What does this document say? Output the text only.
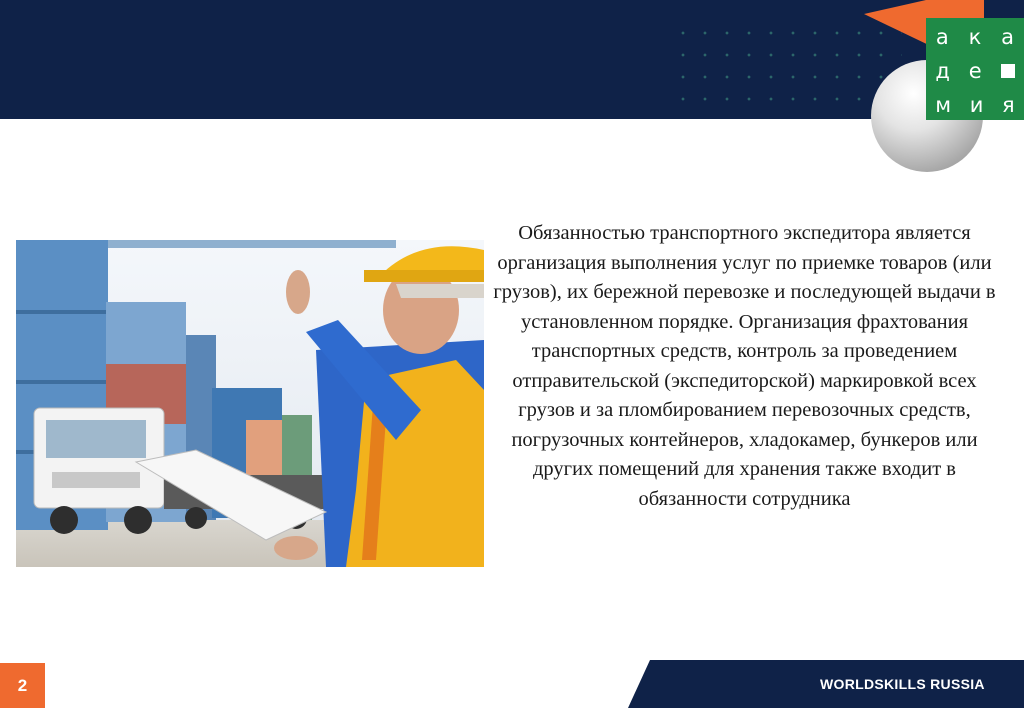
а к а
д е
м и я
Обязанностью транспортного экспедитора является организация выполнения услуг по приемке товаров (или грузов), их бережной перевозке и последующей выдачи в установленном порядке. Организация фрахтования транспортных средств, контроль за проведением отправительской (экспедиторской) маркировкой всех грузов и за пломбированием перевозочных средств, погрузочных контейнеров, хладокамер, бункеров или других помещений для хранения также входит в обязанности сотрудника
WORLDSKILLS RUSSIA
2
